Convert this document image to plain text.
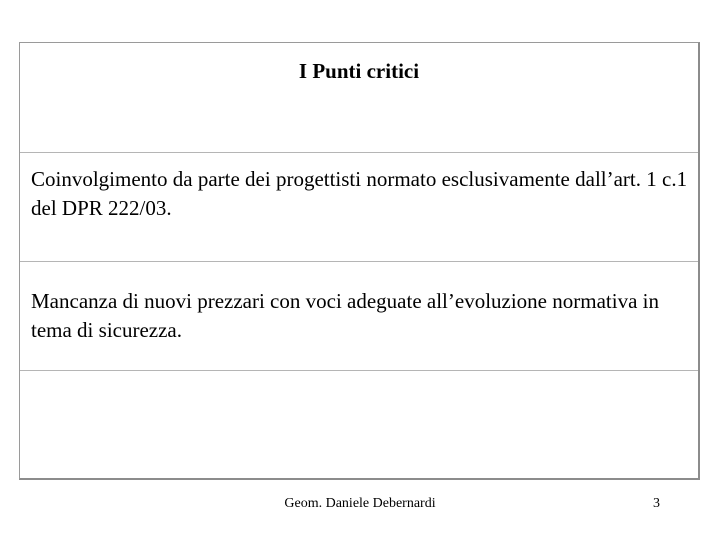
I Punti critici
Coinvolgimento da parte dei progettisti normato esclusivamente dall’art. 1 c.1 del DPR 222/03.
Mancanza di nuovi prezzari con voci adeguate all’evoluzione normativa in tema di sicurezza.
Geom. Daniele Debernardi	3
